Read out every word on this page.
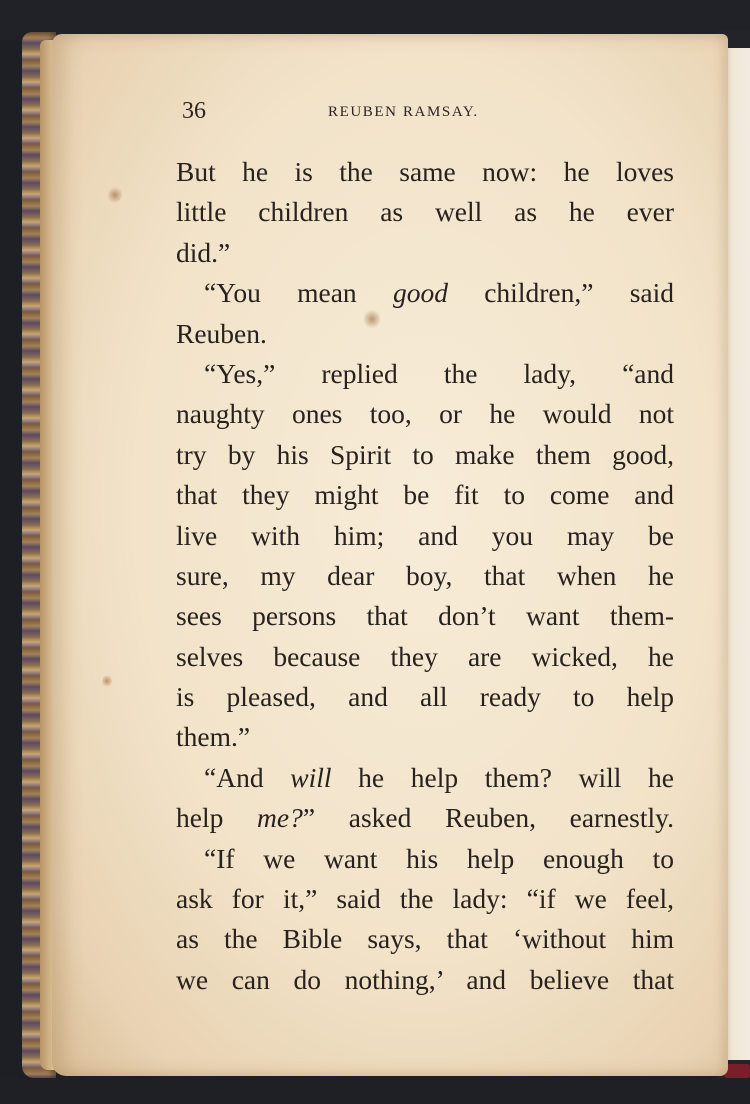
36	REUBEN RAMSAY.
But he is the same now: he loves
little children as well as he ever
did.”
“You mean good children,” said
Reuben.
“Yes,” replied the lady, “and
naughty ones too, or he would not
try by his Spirit to make them good,
that they might be fit to come and
live with him; and you may be
sure, my dear boy, that when he
sees persons that don’t want them-
selves because they are wicked, he
is pleased, and all ready to help
them.”
“And will he help them? will he
help me?” asked Reuben, earnestly.
“If we want his help enough to
ask for it,” said the lady: “if we feel,
as the Bible says, that ‘without him
we can do nothing,’ and believe that
